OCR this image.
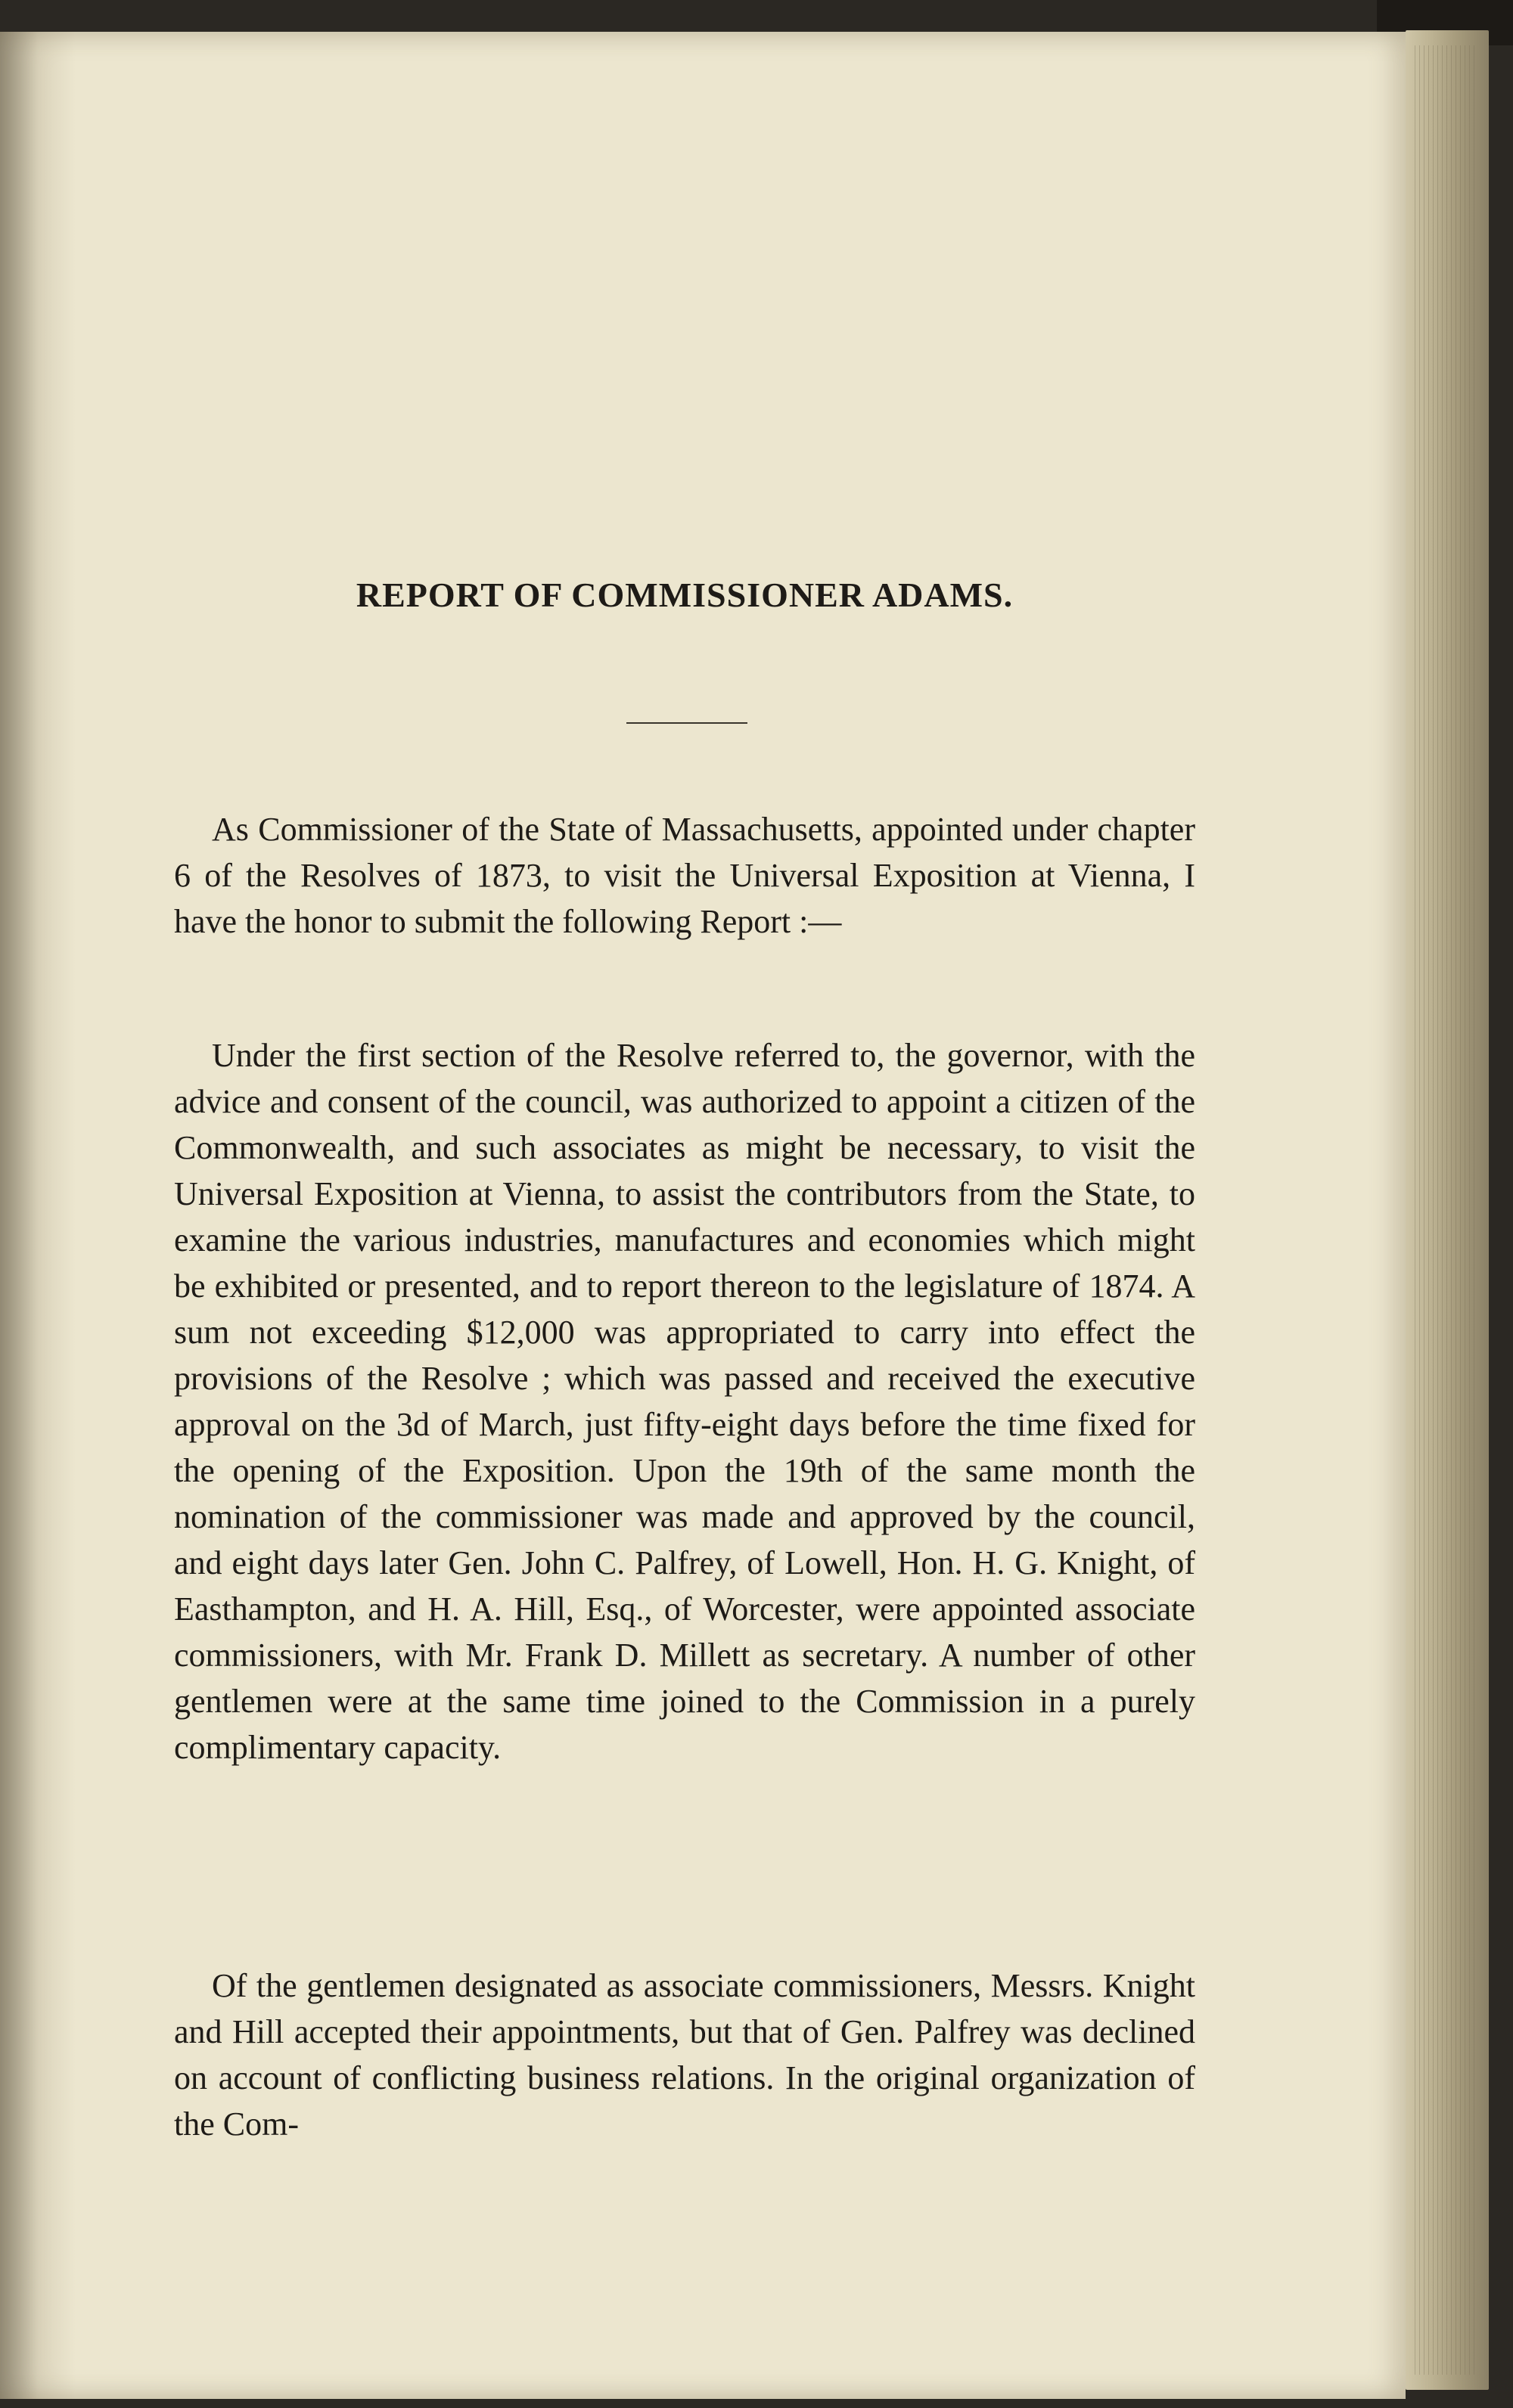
REPORT OF COMMISSIONER ADAMS.

As Commissioner of the State of Massachusetts, appointed under chapter 6 of the Resolves of 1873, to visit the Universal Exposition at Vienna, I have the honor to submit the following Report :—

Under the first section of the Resolve referred to, the governor, with the advice and consent of the council, was authorized to appoint a citizen of the Commonwealth, and such associates as might be necessary, to visit the Universal Exposition at Vienna, to assist the contributors from the State, to examine the various industries, manufactures and economies which might be exhibited or presented, and to report thereon to the legislature of 1874. A sum not exceeding $12,000 was appropriated to carry into effect the provisions of the Resolve ; which was passed and received the executive approval on the 3d of March, just fifty-eight days before the time fixed for the opening of the Exposition. Upon the 19th of the same month the nomination of the commissioner was made and approved by the council, and eight days later Gen. John C. Palfrey, of Lowell, Hon. H. G. Knight, of Easthampton, and H. A. Hill, Esq., of Worcester, were appointed associate commissioners, with Mr. Frank D. Millett as secretary. A number of other gentlemen were at the same time joined to the Commission in a purely complimentary capacity.

Of the gentlemen designated as associate commissioners, Messrs. Knight and Hill accepted their appointments, but that of Gen. Palfrey was declined on account of conflicting business relations. In the original organization of the Com-
